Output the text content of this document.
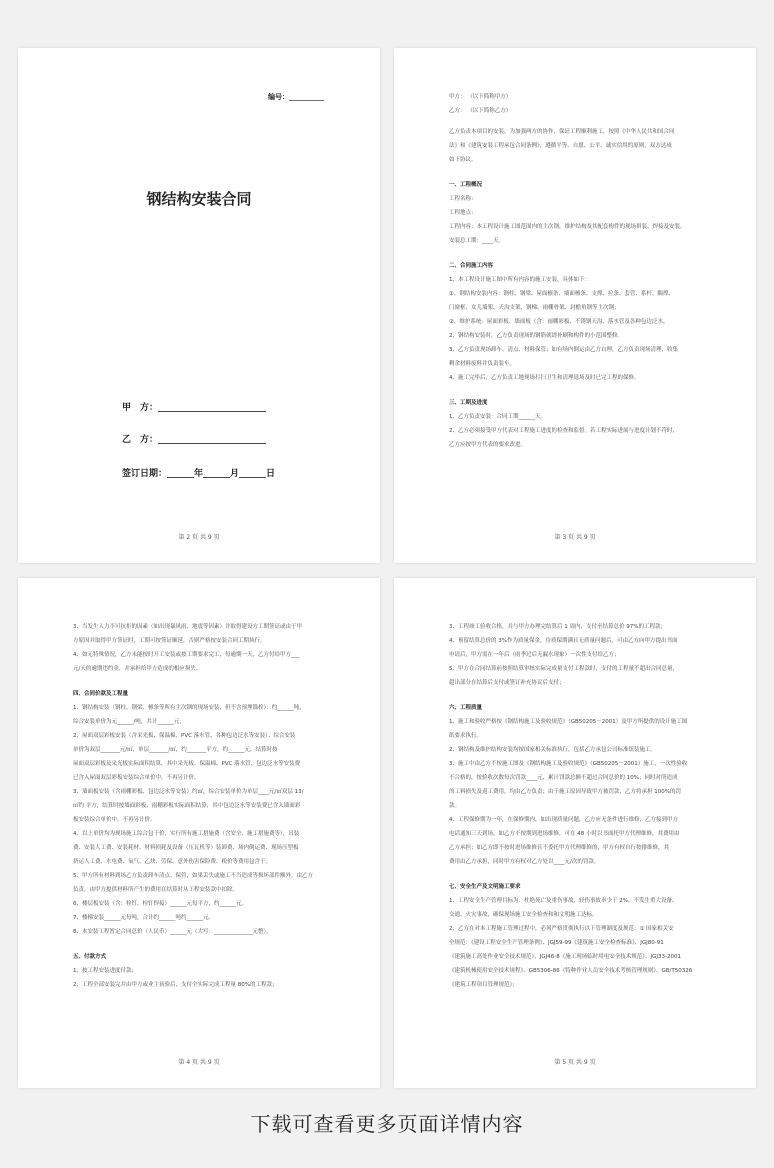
编号：__________
钢结构安装合同
甲　方：________________________
乙　方：________________________
签订日期：______年______月______日
第 2 页 共 9 页

甲方： （以下简称甲方）

乙方： （以下简称乙方）

乙方负责本项目的安装，为加强两方的协作，保证工程顺利施工，按照《中华人民共和国合同

法》和《建筑安装工程承包合同条例》，遵循平等、自愿、公平、诚实信用的原则，双方达成

如下协议。

一、工程概况

工程名称：

工程地点：

工程内容：本工程设计施工图范围内的主次钢，维护结构及其配套构件的现场拼装、焊接及安装。

安装总工期：____天。

二、合同施工内容

1、本工程设计施工图中所有内容的施工安装，具体如下：

①、钢结构安装内容：钢柱、钢梁、屋面檩条、墙面檩条、支撑、拉条、套管、系杆、隅撑、

门窗框、女儿墙架、天沟支架、钢梯、雨棚骨架、封檐角钢等主次钢；

②、维护系统：屋面彩板、墙面板（含：雨棚彩板、不锈钢天沟、落水管及各种包边泛水。

2、钢结构安装时，乙方负责现场的钢筋就谱补刷和构件的小范围整修。

3、乙方负责现场卸车、清点、材料保管；如有场内倒运由乙方自理，乙方负责现场清理，收集

剩余材料废料并负责装车。

4、施工完毕后，乙方负责工地现场打扫卫生和清理退场及时已完工程的保修。

三、工期及进度

1、乙方负责安装：合同工期______天。

2、乙方必须接受甲方代表对工程施工进度的检查和监督。若工程实际进展与进度计划不符时，

乙方应按甲方代表的要求改进。

第 3 页 共 9 页

3、当发生人力不可抗拒的因素（如出现暴风雨、地震等因素）并取得建设方工期签证或由于甲

方原因并取得甲方签证时，工期可按签证顺延，否则严格按安装合同工期执行。

4、如无特殊情况，乙方未能按时开工安装或按工期要求完工，每逾期一天，乙方付给甲方___

元/天的逾期违约金，并承担给甲方造成的相应损失。

四、合同价款及工程量

1、钢结构安装（钢柱、钢梁、檩条等所有主次钢的现场安装，但不含预埋锚栓）：约______吨，

综合安装单价为元______/吨，共计______元；

2、屋面双层彩板安装（含采光板、保温棉、PVC 落水管、各种包边泛水等安装）；综合安装

单价为双层_______元/㎡，单层_______/㎡，约_______平方，约______元，结算时按

屋面双层彩板及采光板实际面积结算，其中采光板、保温棉、PVC 落水管、包边泛水等安装费

已含入屋面双层彩板安装综合单价中，不再另计价。

3、墙面板安装（含雨棚彩板、包边泛水等安装）约㎡，综合安装单价为单层____元/㎡双层 13/

㎡约 平方，结算时按墙面彩板、雨棚彩板实际面积结算，其中包边泛水等安装费已含入墙面彩

板安装综合单价中，不再另计价。

4、以上单价均为现场施工综合包干价，实行所有施工措施费（含安全、施工措施费等），吊装

费、安装人工费、安装耗材、材料损耗及设备（压瓦机等）装卸费、场内倒运费、现场压型板

挤运人工费、水电费、氧气、乙炔、劳保、意外伤害保险费、税价等费用包含于。

5、甲方所有材料到场乙方负责卸车清点、保管，如果丢失或施工不当造成等损坏部件额外，由乙方

负责。由甲方提供材料所产生的费用在结算时从工程安装款中扣除。

6、楼层板安装（含：栓钉、栓钉焊接）______元每平方，约______元。

7、楼梯安装______元每吨，合计约______吨约______元。

8、本安装工程暂定合同总价（人民币）______元（大写：______________元整）。

五、付款方式

1、按工程安装进度付款；

2、工程全部安装完并由甲方或业主初验后，支付全实际完成工程量 80%的工程款；

第 4 页 共 9 页

3、工程竣工验收合格，并与甲方办理完结算后 1 周内，支付至结算总价 97%的工程款；

4、预留结算总价的 3%作为质量保金，待质保期满且无质量问题后，可由乙方向甲方提出书面

申请后，甲方需在一年后（雨季过后无漏水现象）一次性支付给乙方；

5、甲方在合同结算前按照结算审核实际完成量支付工程款时，支付的工程量不超出合同总量，

超出部分在结算后支付或签订补充协议后支付；

六、工程质量

1、施工和验收严格按《钢结构施工及验收规范》（GB50205－2001）及甲方所提供的设计施工图

纸要求执行。

2、钢结构及维护结构安装均按国家相关标准执行，包括乙方承包公司标准组装施工。

3、施工中由乙方不按施工图及《钢结构施工及验收规范》（GB50205－2001）施工，一次性验收

不合格的，按验收次数每次罚款____元，累计罚款总额不超过合同总价的 10%；同时对所造成

的工料损失及返工费用，均由乙方负责；由于施工原因导致甲方被罚款，乙方将承担 100%的罚

款。

4、工程保修期为一年，在保修期内，如出现质量问题，乙方应无条件进行维修，乙方接到甲方

电话通知三天到场，如乙方不按期到进场维修，可在 48 小时以书面托甲方代理维修，其费用由

乙方承担；如乙方即不按时进场维修且不委托甲方代理维修的，甲方有权自行按排维修，其

费用由乙方承担，同时甲方有权对乙方处以____元/次的罚款。

七、安全生产及文明施工要求

1、工程安全生产管理目标为：杜绝死亡及重伤事故，轻伤事故率少于 2%，不发生重大设备、

交通、火灾事故，确保现场施工安全检查和和文明施工达标。

2、乙方在对本工程施工管理过程中，必须严格贯彻执行以下管理制度及规范：① 国家相关安

全规范：《建设工程安全生产管理条例》、JGJ59-99《建筑施工安全检查标准》、JGJ80-91

《建筑施工高处作业安全技术规范》、JGJ46-8《施工现场临时用电安全技术规范》、JGJ33-2001

《建筑机械使用安全技术规程》、GB5306-86《特种作业人员安全技术考核管理规则》、GB/T50326

《建筑工程项目管理规范》；

第 5 页 共 9 页
下载可查看更多页面详情内容
